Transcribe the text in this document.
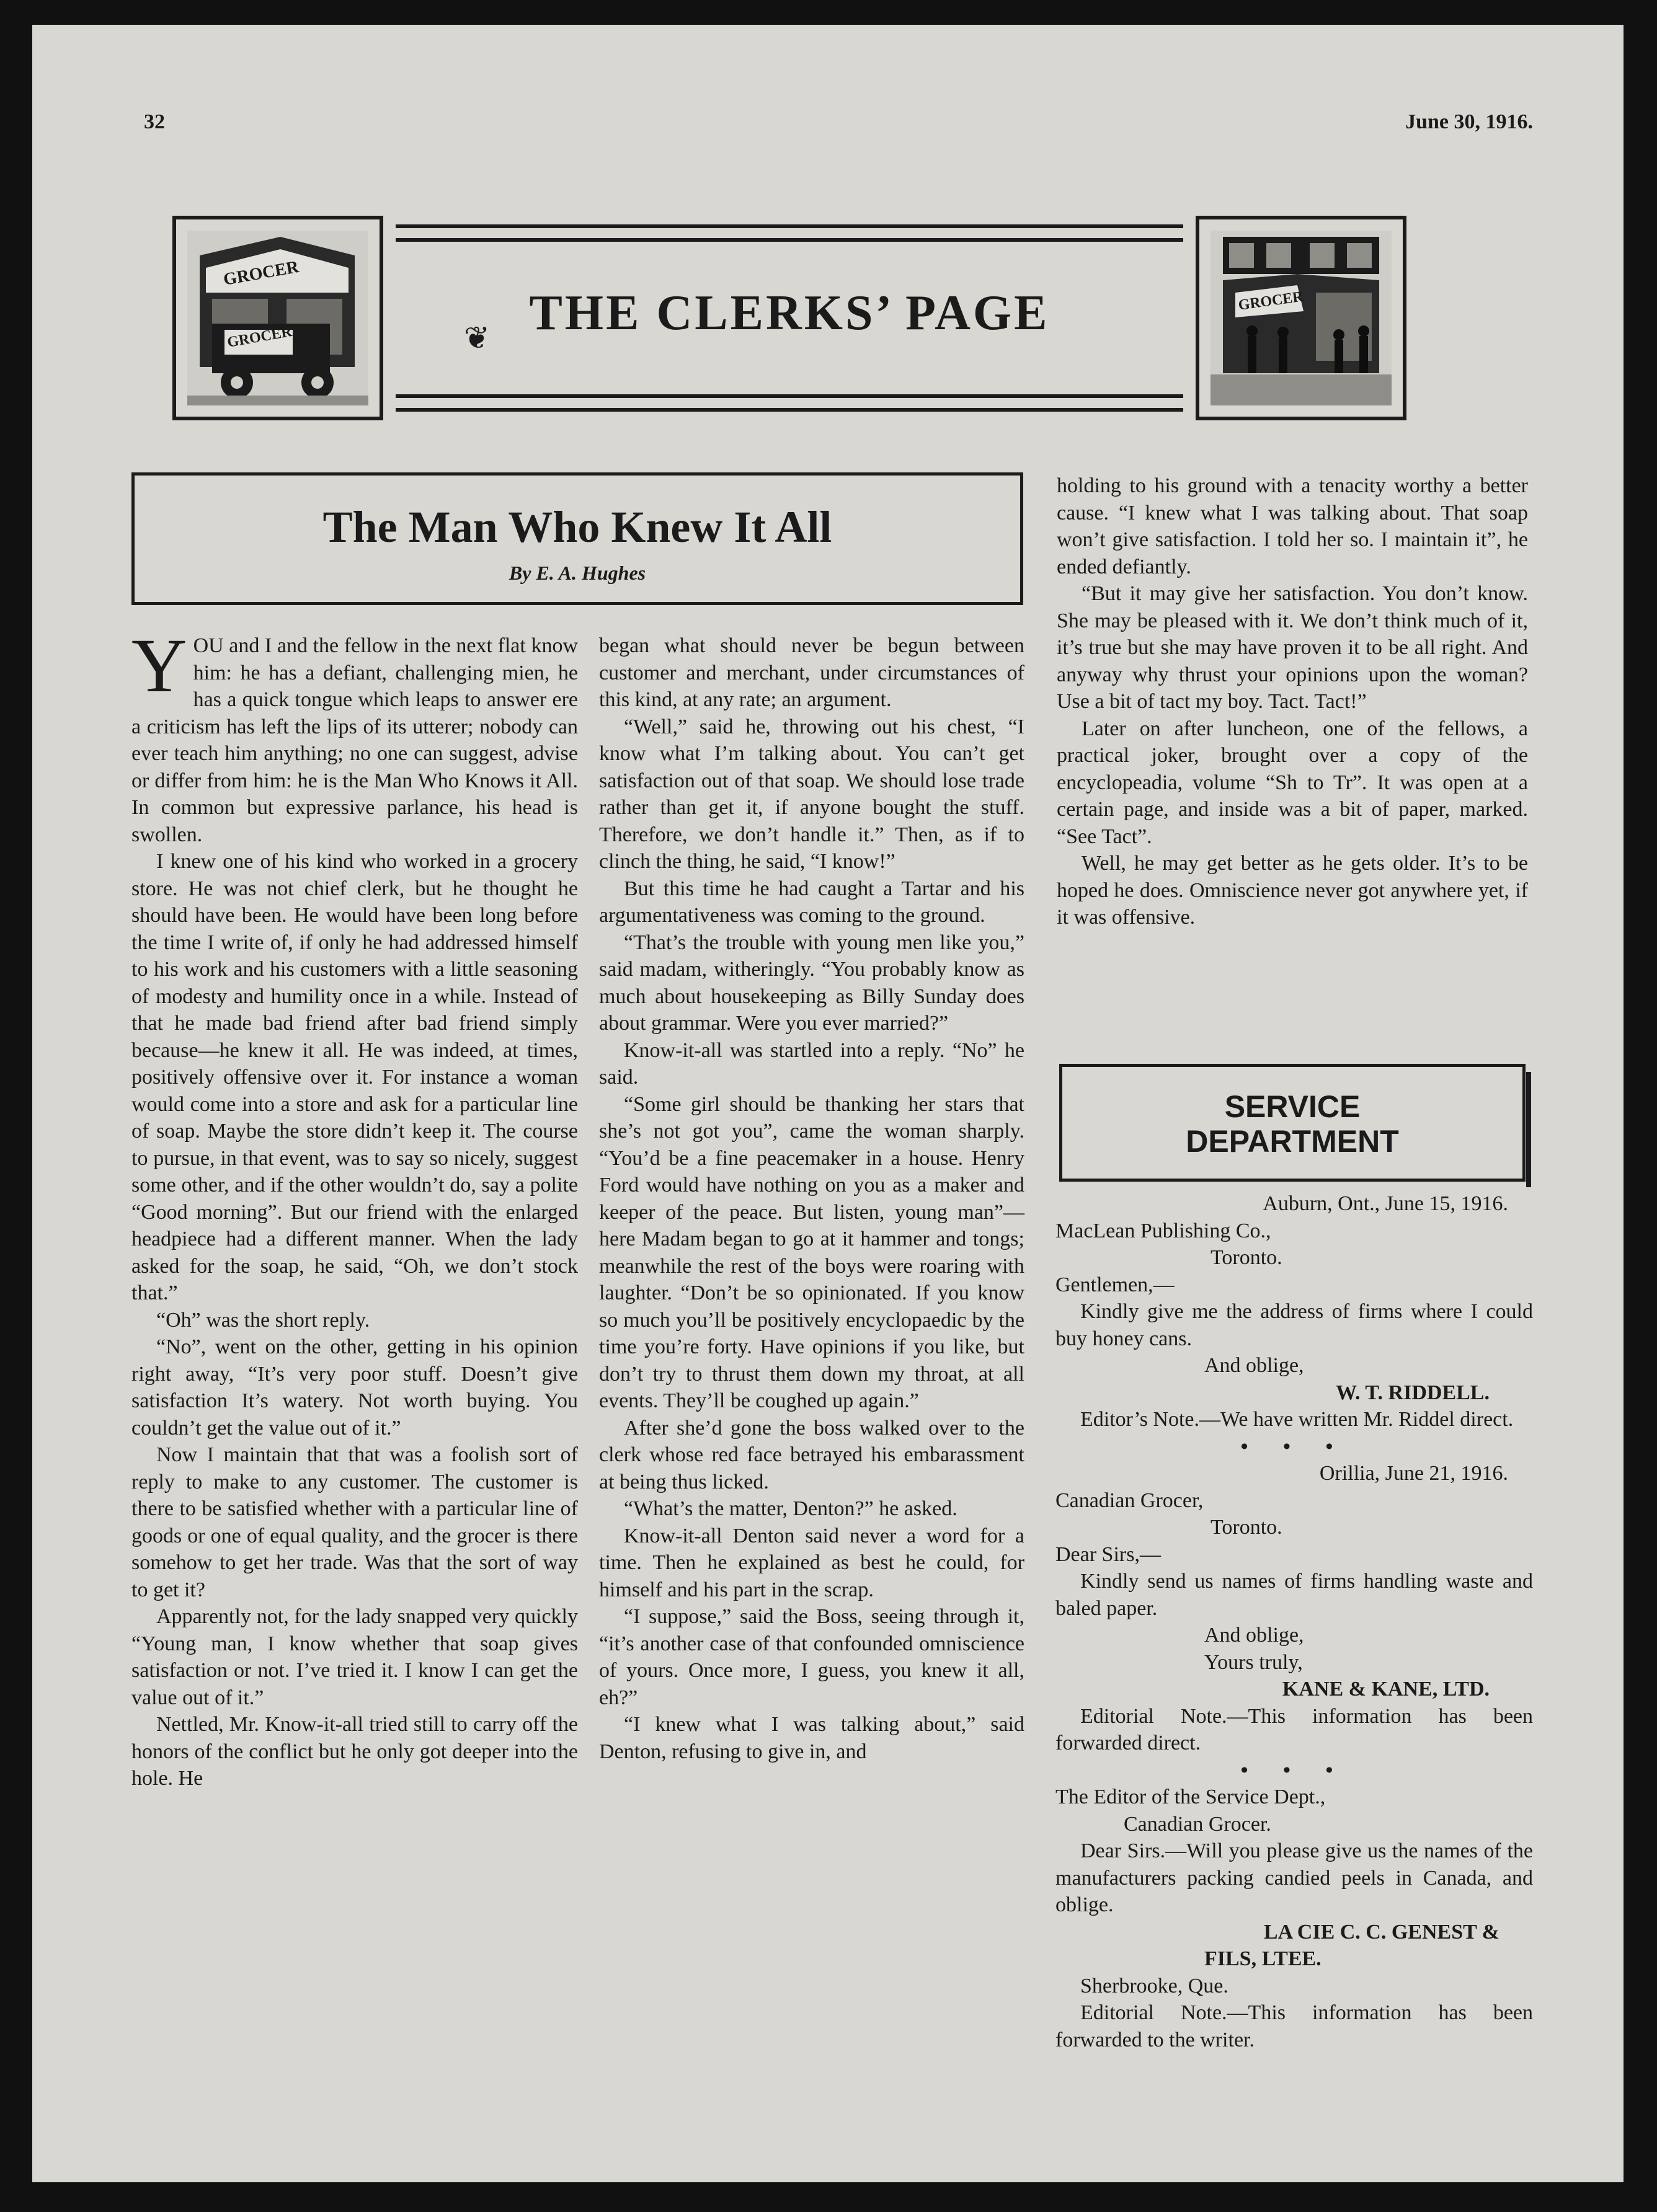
32	June 30, 1916.
GROCER
GROCER	THE CLERKS’ PAGE
❦
GROCER
The Man Who Knew It All
By E. A. Hughes

YOU and I and the fellow in the next flat know him: he has a defiant, challenging mien, he has a quick tongue which leaps to answer ere a criticism has left the lips of its utterer; nobody can ever teach him anything; no one can suggest, advise or differ from him: he is the Man Who Knows it All. In common but expressive parlance, his head is swollen.

I knew one of his kind who worked in a grocery store. He was not chief clerk, but he thought he should have been. He would have been long before the time I write of, if only he had addressed himself to his work and his customers with a little seasoning of modesty and humility once in a while. Instead of that he made bad friend after bad friend simply because—he knew it all. He was indeed, at times, positively offensive over it. For instance a woman would come into a store and ask for a particular line of soap. Maybe the store didn’t keep it. The course to pursue, in that event, was to say so nicely, suggest some other, and if the other wouldn’t do, say a polite “Good morning”. But our friend with the enlarged headpiece had a different manner. When the lady asked for the soap, he said, “Oh, we don’t stock that.”

“Oh” was the short reply.

“No”, went on the other, getting in his opinion right away, “It’s very poor stuff. Doesn’t give satisfaction It’s watery. Not worth buying. You couldn’t get the value out of it.”

Now I maintain that that was a foolish sort of reply to make to any customer. The customer is there to be satisfied whether with a particular line of goods or one of equal quality, and the grocer is there somehow to get her trade. Was that the sort of way to get it?

Apparently not, for the lady snapped very quickly “Young man, I know whether that soap gives satisfaction or not. I’ve tried it. I know I can get the value out of it.”

Nettled, Mr. Know-it-all tried still to carry off the honors of the conflict but he only got deeper into the hole. He

began what should never be begun between customer and merchant, under circumstances of this kind, at any rate; an argument.

“Well,” said he, throwing out his chest, “I know what I’m talking about. You can’t get satisfaction out of that soap. We should lose trade rather than get it, if anyone bought the stuff. Therefore, we don’t handle it.” Then, as if to clinch the thing, he said, “I know!”

But this time he had caught a Tartar and his argumentativeness was coming to the ground.

“That’s the trouble with young men like you,” said madam, witheringly. “You probably know as much about housekeeping as Billy Sunday does about grammar. Were you ever married?”

Know-it-all was startled into a reply. “No” he said.

“Some girl should be thanking her stars that she’s not got you”, came the woman sharply. “You’d be a fine peacemaker in a house. Henry Ford would have nothing on you as a maker and keeper of the peace. But listen, young man”—here Madam began to go at it hammer and tongs; meanwhile the rest of the boys were roaring with laughter. “Don’t be so opinionated. If you know so much you’ll be positively encyclopaedic by the time you’re forty. Have opinions if you like, but don’t try to thrust them down my throat, at all events. They’ll be coughed up again.”

After she’d gone the boss walked over to the clerk whose red face betrayed his embarassment at being thus licked.

“What’s the matter, Denton?” he asked.

Know-it-all Denton said never a word for a time. Then he explained as best he could, for himself and his part in the scrap.

“I suppose,” said the Boss, seeing through it, “it’s another case of that confounded omniscience of yours. Once more, I guess, you knew it all, eh?”

“I knew what I was talking about,” said Denton, refusing to give in, and

holding to his ground with a tenacity worthy a better cause. “I knew what I was talking about. That soap won’t give satisfaction. I told her so. I maintain it”, he ended defiantly.

“But it may give her satisfaction. You don’t know. She may be pleased with it. We don’t think much of it, it’s true but she may have proven it to be all right. And anyway why thrust your opinions upon the woman? Use a bit of tact my boy. Tact. Tact!”

Later on after luncheon, one of the fellows, a practical joker, brought over a copy of the encyclopeadia, volume “Sh to Tr”. It was open at a certain page, and inside was a bit of paper, marked. “See Tact”.

Well, he may get better as he gets older. It’s to be hoped he does. Omniscience never got anywhere yet, if it was offensive.

SERVICE
DEPARTMENT
Auburn, Ont., June 15, 1916.
MacLean Publishing Co.,
Toronto.
Gentlemen,—
Kindly give me the address of firms where I could buy honey cans.
And oblige,
W. T. RIDDELL.
Editor’s Note.—We have written Mr. Riddel direct.
• • •
Orillia, June 21, 1916.
Canadian Grocer,
Toronto.
Dear Sirs,—
Kindly send us names of firms handling waste and baled paper.
And oblige,
Yours truly,
KANE & KANE, LTD.
Editorial Note.—This information has been forwarded direct.
• • •
The Editor of the Service Dept.,
Canadian Grocer.
Dear Sirs.—Will you please give us the names of the manufacturers packing candied peels in Canada, and oblige.
LA CIE C. C. GENEST &
FILS, LTEE.
Sherbrooke, Que.
Editorial Note.—This information has been forwarded to the writer.
